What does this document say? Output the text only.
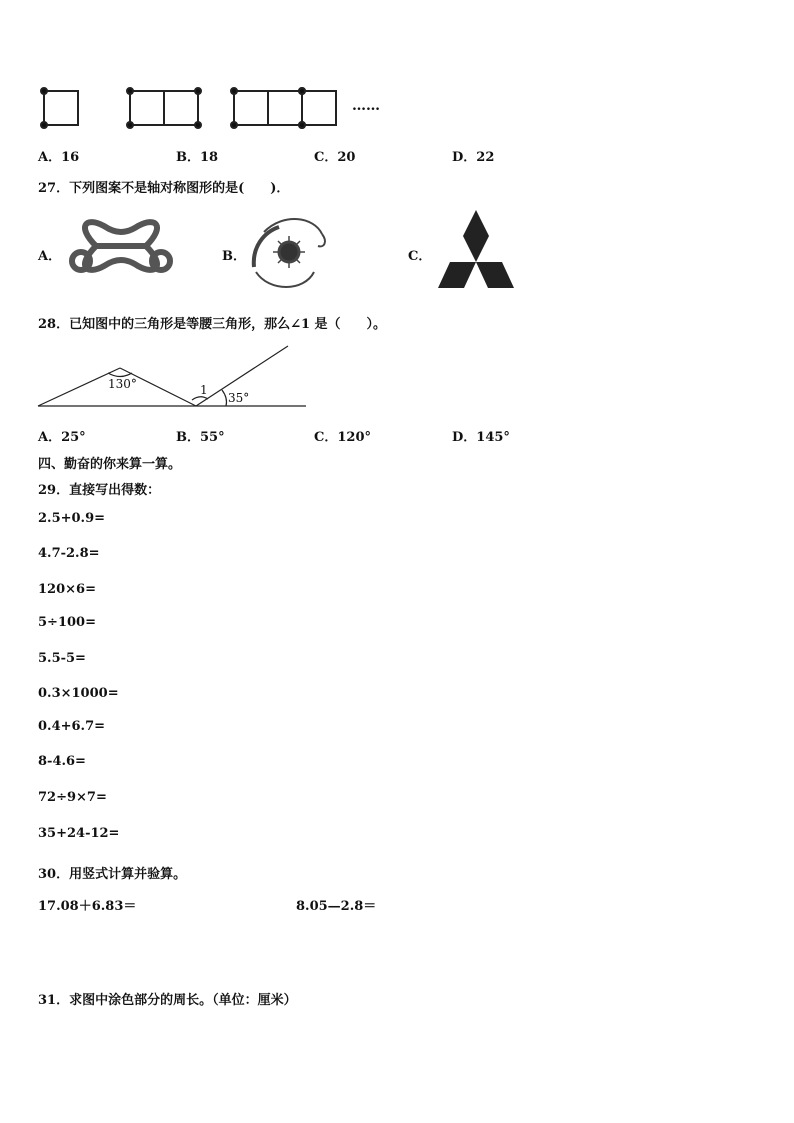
……
A．16	B．18	C．20	D．22
27．下列图案不是轴对称图形的是(　　)．
A．	B．	C．
28．已知图中的三角形是等腰三角形，那么∠1 是（　　）。
130°	1
35°
A．25°	B．55°	C．120°	D．145°
四、勤奋的你来算一算。
29．直接写出得数：
2.5+0.9=
4.7-2.8=
120×6=
5÷100=
5.5-5=
0.3×1000=
0.4+6.7=
8-4.6=
72÷9×7=
35+24-12=
30．用竖式计算并验算。
17.08＋6.83＝	8.05—2.8＝
31．求图中涂色部分的周长。（单位：厘米）
